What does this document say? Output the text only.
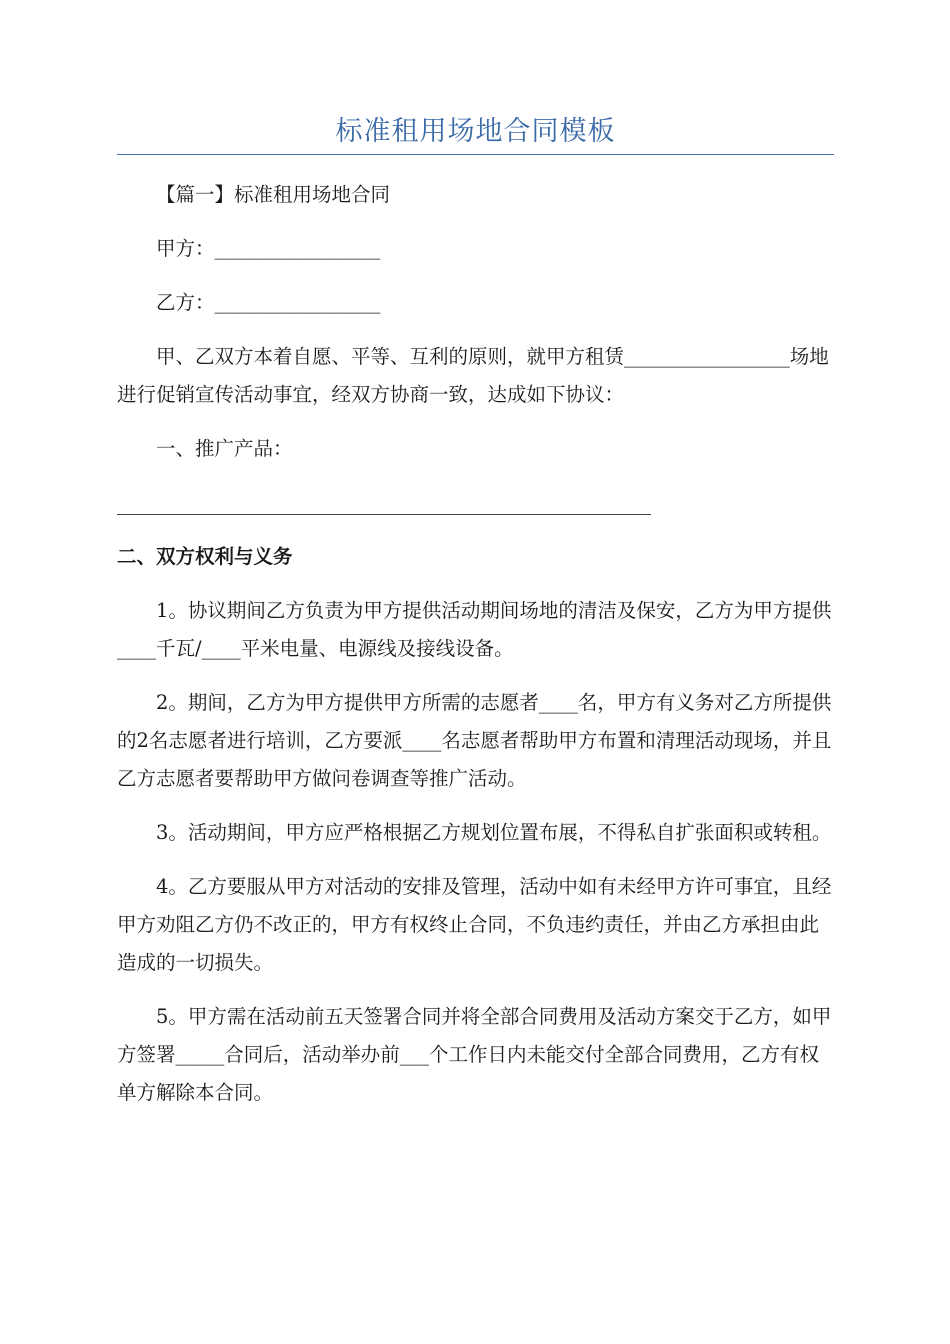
标准租用场地合同模板

【篇一】标准租用场地合同

甲方：_________________

乙方：_________________

甲、乙双方本着自愿、平等、互利的原则，就甲方租赁_________________场地进行促销宣传活动事宜，经双方协商一致，达成如下协议：

一、推广产品：

二、双方权利与义务

1。协议期间乙方负责为甲方提供活动期间场地的清洁及保安，乙方为甲方提供____千瓦/____平米电量、电源线及接线设备。

2。期间，乙方为甲方提供甲方所需的志愿者____名，甲方有义务对乙方所提供的2名志愿者进行培训，乙方要派____名志愿者帮助甲方布置和清理活动现场，并且乙方志愿者要帮助甲方做问卷调查等推广活动。

3。活动期间，甲方应严格根据乙方规划位置布展，不得私自扩张面积或转租。

4。乙方要服从甲方对活动的安排及管理，活动中如有未经甲方许可事宜，且经甲方劝阻乙方仍不改正的，甲方有权终止合同，不负违约责任，并由乙方承担由此造成的一切损失。

5。甲方需在活动前五天签署合同并将全部合同费用及活动方案交于乙方，如甲方签署_____合同后，活动举办前___个工作日内未能交付全部合同费用，乙方有权单方解除本合同。
